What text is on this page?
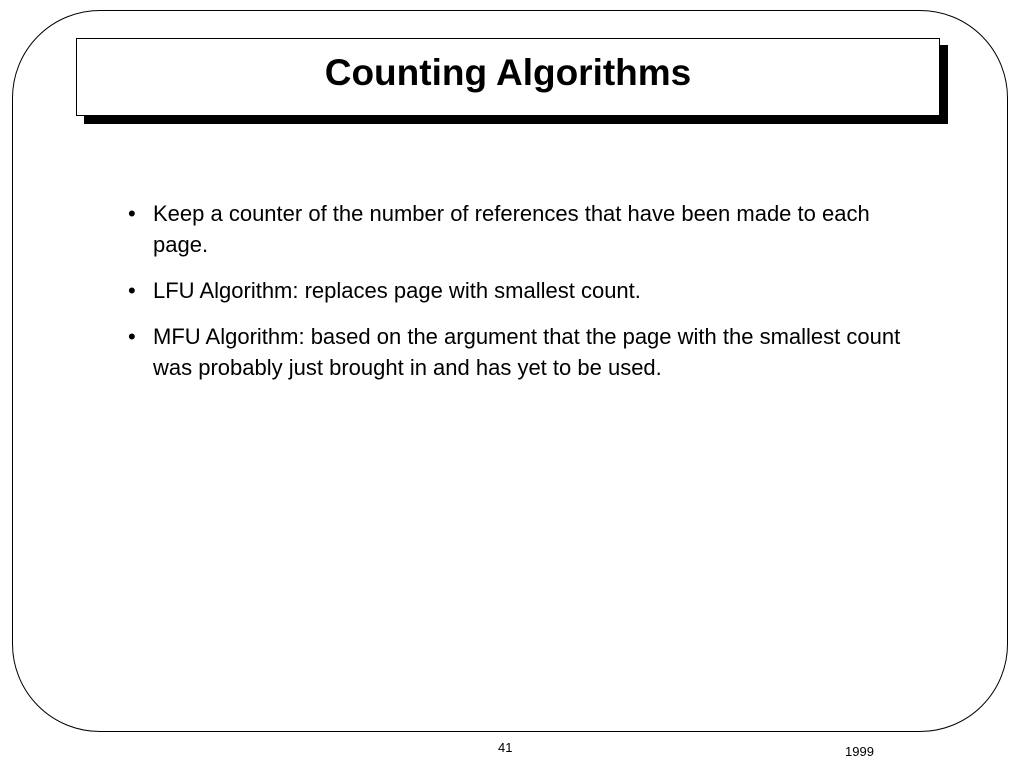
Counting Algorithms
• Keep a counter of the number of references that have been made to each page.
• LFU Algorithm: replaces page with smallest count.
• MFU Algorithm: based on the argument that the page with the smallest count was probably just brought in and has yet to be used.
41	1999
